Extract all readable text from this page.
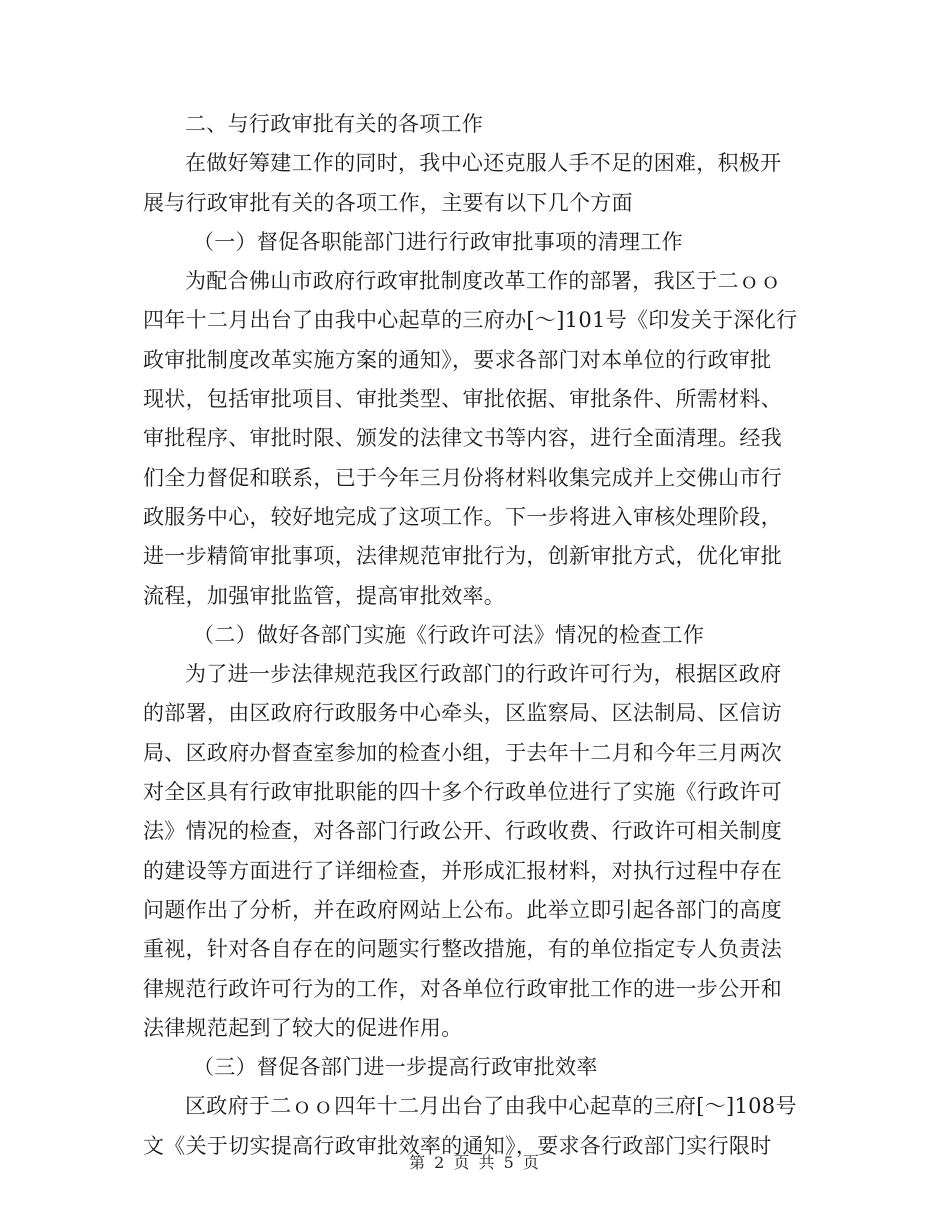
二、与行政审批有关的各项工作
在做好筹建工作的同时，我中心还克服人手不足的困难，积极开
展与行政审批有关的各项工作，主要有以下几个方面
（一）督促各职能部门进行行政审批事项的清理工作
为配合佛山市政府行政审批制度改革工作的部署，我区于二ｏｏ
四年十二月出台了由我中心起草的三府办[～]101号《印发关于深化行
政审批制度改革实施方案的通知》，要求各部门对本单位的行政审批
现状，包括审批项目、审批类型、审批依据、审批条件、所需材料、
审批程序、审批时限、颁发的法律文书等内容，进行全面清理。经我
们全力督促和联系，已于今年三月份将材料收集完成并上交佛山市行
政服务中心，较好地完成了这项工作。下一步将进入审核处理阶段，
进一步精简审批事项，法律规范审批行为，创新审批方式，优化审批
流程，加强审批监管，提高审批效率。
（二）做好各部门实施《行政许可法》情况的检查工作
为了进一步法律规范我区行政部门的行政许可行为，根据区政府
的部署，由区政府行政服务中心牵头，区监察局、区法制局、区信访
局、区政府办督查室参加的检查小组，于去年十二月和今年三月两次
对全区具有行政审批职能的四十多个行政单位进行了实施《行政许可
法》情况的检查，对各部门行政公开、行政收费、行政许可相关制度
的建设等方面进行了详细检查，并形成汇报材料，对执行过程中存在
问题作出了分析，并在政府网站上公布。此举立即引起各部门的高度
重视，针对各自存在的问题实行整改措施，有的单位指定专人负责法
律规范行政许可行为的工作，对各单位行政审批工作的进一步公开和
法律规范起到了较大的促进作用。
（三）督促各部门进一步提高行政审批效率
区政府于二ｏｏ四年十二月出台了由我中心起草的三府[～]108号
文《关于切实提高行政审批效率的通知》，要求各行政部门实行限时
第 2 页 共 5 页
